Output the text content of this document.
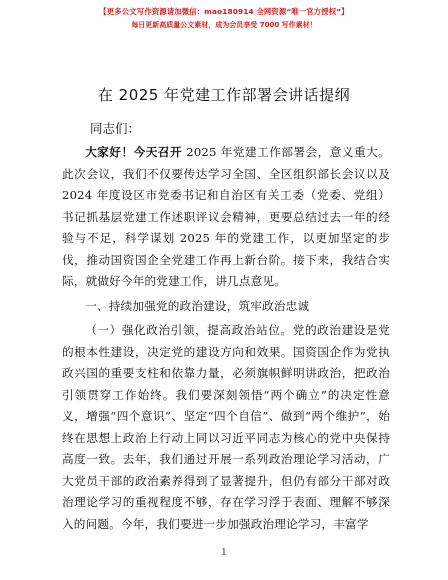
【更多公文写作资源请加微信：mao180914 全网资源“唯一官方授权”】
每日更新高质量公文素材，成为会员享受 7000 写作素材！
在 2025 年党建工作部署会讲话提纲
同志们：

大家好！今天召开 2025 年党建工作部署会，意义重大。此次会议，我们不仅要传达学习全国、全区组织部长会议以及 2024 年度设区市党委书记和自治区有关工委（党委、党组）书记抓基层党建工作述职评议会精神，更要总结过去一年的经验与不足，科学谋划 2025 年的党建工作，以更加坚定的步伐，推动国资国企全党建工作再上新台阶。接下来，我结合实际，就做好今年的党建工作，讲几点意见。

一、持续加强党的政治建设，筑牢政治忠诚

（一）强化政治引领，提高政治站位。党的政治建设是党的根本性建设，决定党的建设方向和效果。国资国企作为党执政兴国的重要支柱和依靠力量，必须旗帜鲜明讲政治，把政治引领贯穿工作始终。我们要深刻领悟“两个确立”的决定性意义，增强“四个意识”、坚定“四个自信”、做到“两个维护”，始终在思想上政治上行动上同以习近平同志为核心的党中央保持高度一致。去年，我们通过开展一系列政治理论学习活动，广大党员干部的政治素养得到了显著提升，但仍有部分干部对政治理论学习的重视程度不够，存在学习浮于表面、理解不够深入的问题。今年，我们要进一步加强政治理论学习，丰富学

1
